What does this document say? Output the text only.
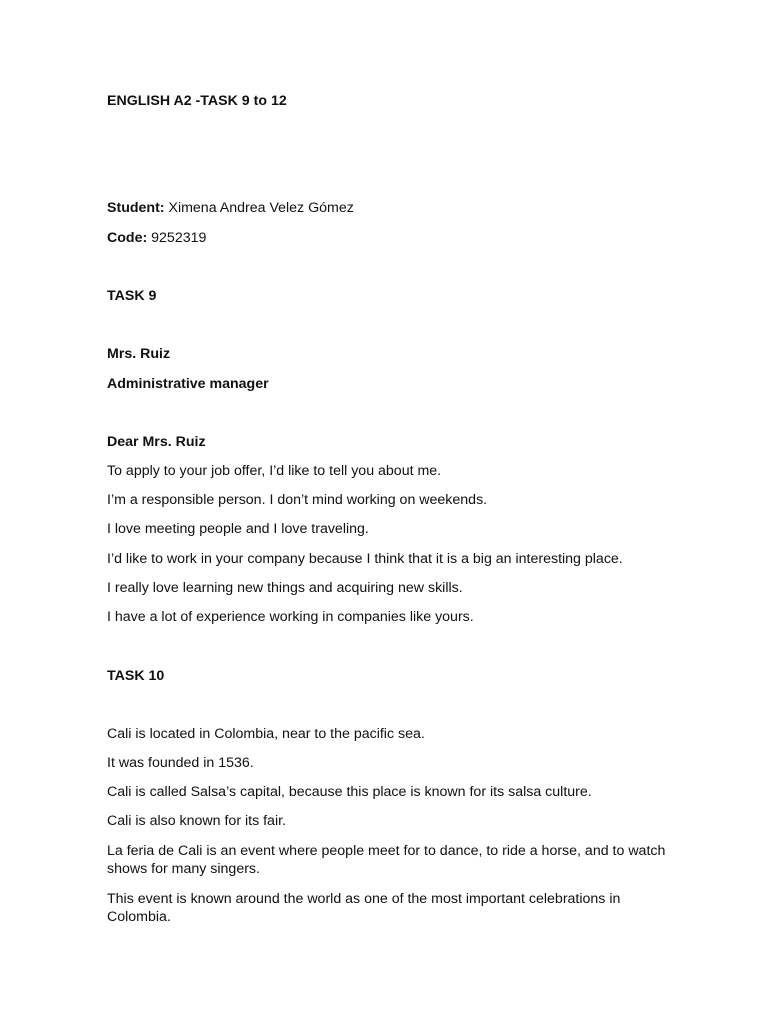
ENGLISH A2 -TASK 9 to 12
Student: Ximena Andrea Velez Gómez
Code: 9252319
TASK 9
Mrs. Ruiz
Administrative manager
Dear Mrs. Ruiz
To apply to your job offer, I’d like to tell you about me.
I’m a responsible person. I don’t mind working on weekends.
I love meeting people and I love traveling.
I’d like to work in your company because I think that it is a big an interesting place.
I really love learning new things and acquiring new skills.
I have a lot of experience working in companies like yours.
TASK 10
Cali is located in Colombia, near to the pacific sea.
It was founded in 1536.
Cali is called Salsa’s capital, because this place is known for its salsa culture.
Cali is also known for its fair.
La feria de Cali is an event where people meet for to dance, to ride a horse, and to watch shows for many singers.
This event is known around the world as one of the most important celebrations in Colombia.
